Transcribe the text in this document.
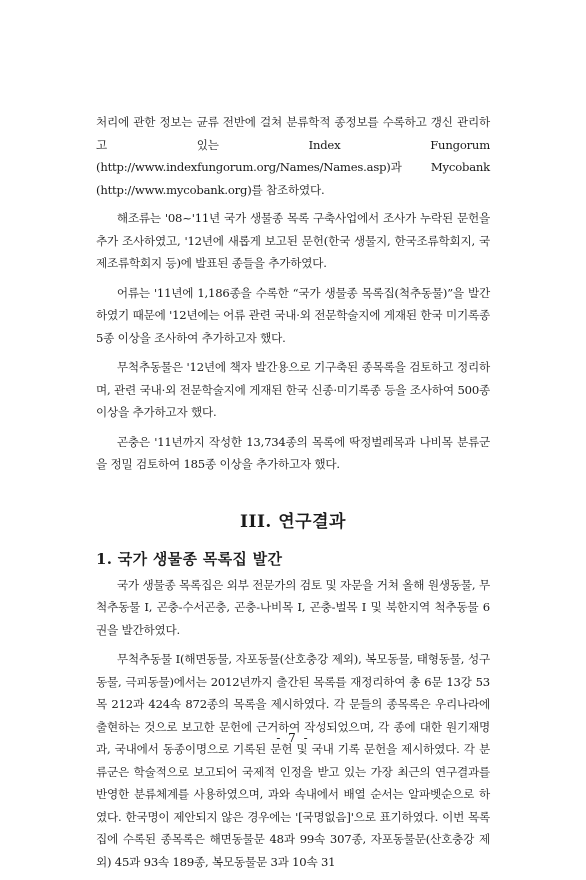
처리에 관한 정보는 균류 전반에 걸쳐 분류학적 종정보를 수록하고 갱신 관리하고 있는 Index Fungorum (http://www.indexfungorum.org/Names/Names.asp)과 Mycobank (http://www.mycobank.org)를 참조하였다.

해조류는 '08~'11년 국가 생물종 목록 구축사업에서 조사가 누락된 문헌을 추가 조사하였고, '12년에 새롭게 보고된 문헌(한국 생물지, 한국조류학회지, 국제조류학회지 등)에 발표된 종들을 추가하였다.

어류는 '11년에 1,186종을 수록한 “국가 생물종 목록집(척추동물)”을 발간하였기 때문에 '12년에는 어류 관련 국내·외 전문학술지에 게재된 한국 미기록종 5종 이상을 조사하여 추가하고자 했다.

무척추동물은 '12년에 책자 발간용으로 기구축된 종목록을 검토하고 정리하며, 관련 국내·외 전문학술지에 게재된 한국 신종·미기록종 등을 조사하여 500종 이상을 추가하고자 했다.

곤충은 '11년까지 작성한 13,734종의 목록에 딱정벌레목과 나비목 분류군을 정밀 검토하여 185종 이상을 추가하고자 했다.

III. 연구결과
1. 국가 생물종 목록집 발간

국가 생물종 목록집은 외부 전문가의 검토 및 자문을 거쳐 올해 원생동물, 무척추동물 I, 곤충-수서곤충, 곤충-나비목 I, 곤충-벌목 I 및 북한지역 척추동물 6권을 발간하였다.

무척추동물 I(해면동물, 자포동물(산호충강 제외), 복모동물, 태형동물, 성구동물, 극피동물)에서는 2012년까지 출간된 목록를 재정리하여 총 6문 13강 53목 212과 424속 872종의 목록을 제시하였다. 각 문들의 종목록은 우리나라에 출현하는 것으로 보고한 문헌에 근거하여 작성되었으며, 각 종에 대한 원기재명과, 국내에서 동종이명으로 기록된 문헌 및 국내 기록 문헌을 제시하였다. 각 분류군은 학술적으로 보고되어 국제적 인정을 받고 있는 가장 최근의 연구결과를 반영한 분류체계를 사용하였으며, 과와 속내에서 배열 순서는 알파벳순으로 하였다. 한국명이 제안되지 않은 경우에는 '[국명없음]'으로 표기하였다. 이번 목록집에 수록된 종목록은 해면동물문 48과 99속 307종, 자포동물문(산호충강 제외) 45과 93속 189종, 복모동물문 3과 10속 31

- 7 -
